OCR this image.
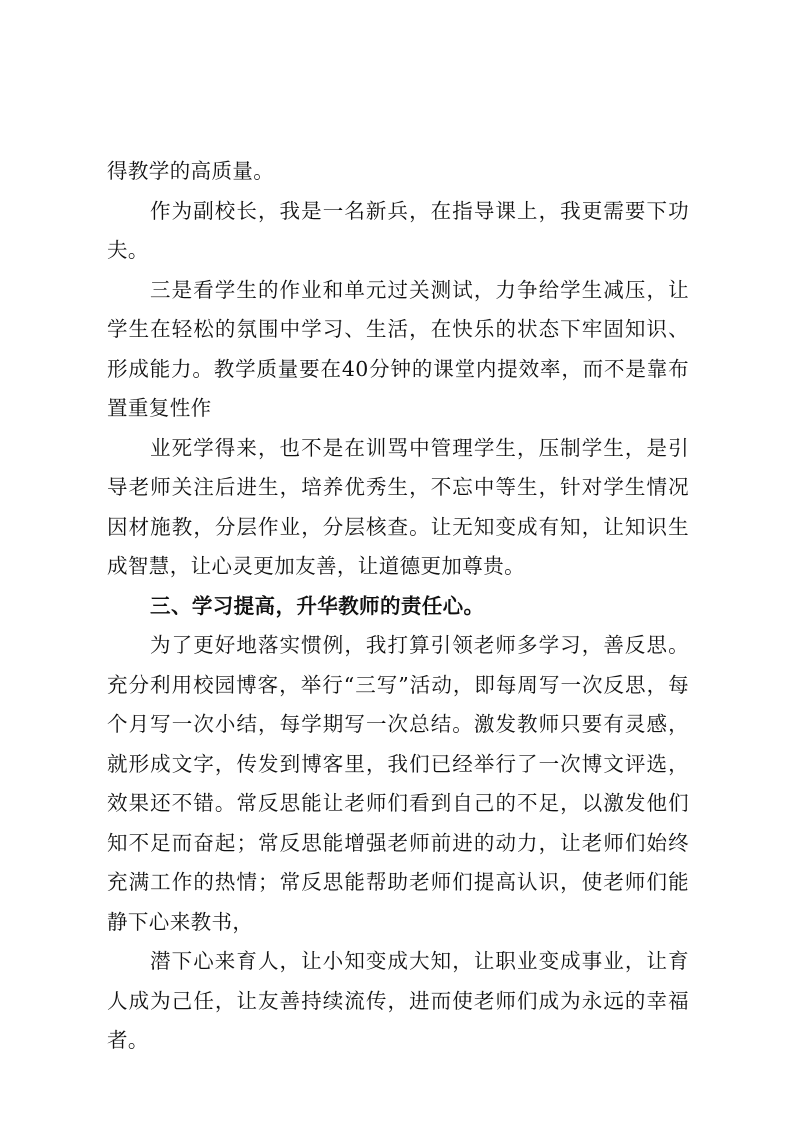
得教学的高质量。

作为副校长，我是一名新兵，在指导课上，我更需要下功夫。

三是看学生的作业和单元过关测试，力争给学生减压，让学生在轻松的氛围中学习、生活，在快乐的状态下牢固知识、形成能力。教学质量要在40分钟的课堂内提效率，而不是靠布置重复性作

业死学得来，也不是在训骂中管理学生，压制学生，是引导老师关注后进生，培养优秀生，不忘中等生，针对学生情况因材施教，分层作业，分层核查。让无知变成有知，让知识生成智慧，让心灵更加友善，让道德更加尊贵。

三、学习提高，升华教师的责任心。

为了更好地落实惯例，我打算引领老师多学习，善反思。充分利用校园博客，举行“三写”活动，即每周写一次反思，每个月写一次小结，每学期写一次总结。激发教师只要有灵感，就形成文字，传发到博客里，我们已经举行了一次博文评选，效果还不错。常反思能让老师们看到自己的不足，以激发他们知不足而奋起；常反思能增强老师前进的动力，让老师们始终充满工作的热情；常反思能帮助老师们提高认识，使老师们能静下心来教书，

潜下心来育人，让小知变成大知，让职业变成事业，让育人成为己任，让友善持续流传，进而使老师们成为永远的幸福者。
